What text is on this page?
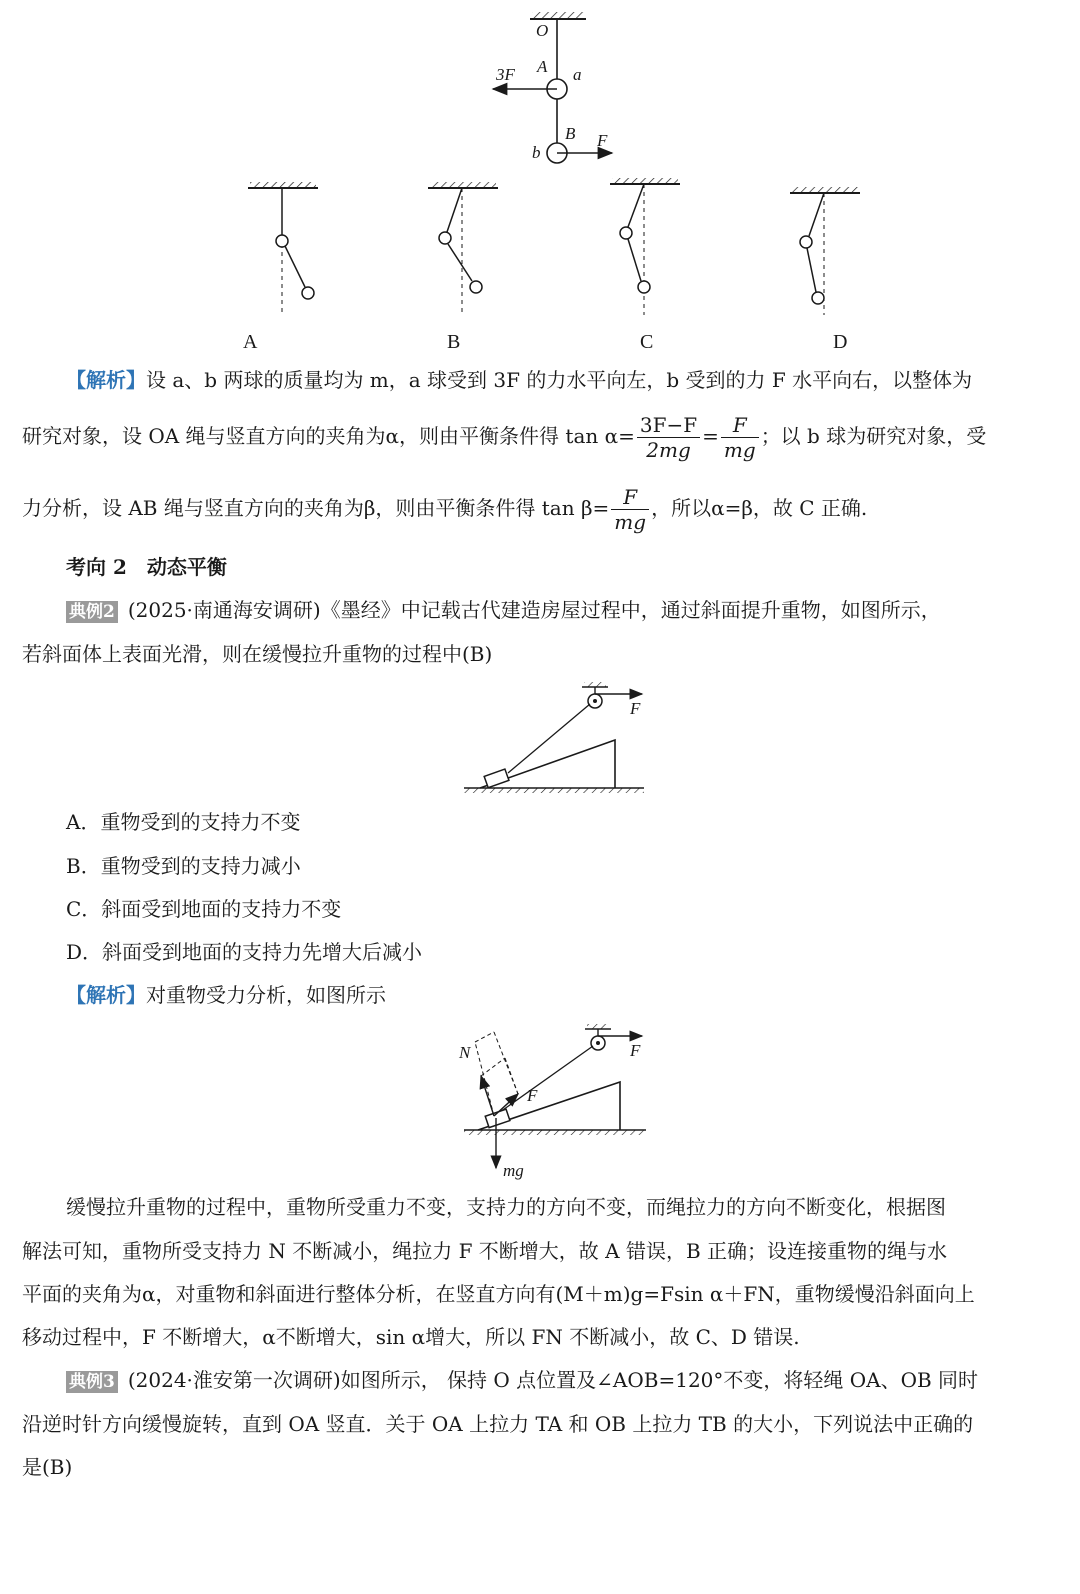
O
A a
B
b
3F
F
A	B	C	D
【解析】设 a、b 两球的质量均为 m，a 球受到 3F 的力水平向左，b 受到的力 F 水平向右，以整体为
研究对象，设 OA 绳与竖直方向的夹角为α，则由平衡条件得 $\tan \alpha= \frac{3F-F}{2mg} = \frac{F}{mg}$ ；以 b 球为研究对象，受
力分析，设 AB 绳与竖直方向的夹角为β，则由平衡条件得 $\tan \beta= \frac{F}{mg}$ ，所以α=β，故 C 正确.
考向 2　动态平衡
典例2 (2025·南通海安调研)《墨经》中记载古代建造房屋过程中，通过斜面提升重物，如图所示，
若斜面体上表面光滑，则在缓慢拉升重物的过程中(B)
F
A．重物受到的支持力不变
B．重物受到的支持力减小
C．斜面受到地面的支持力不变
D．斜面受到地面的支持力先增大后减小
【解析】对重物受力分析，如图所示
F
N
F
mg
缓慢拉升重物的过程中，重物所受重力不变，支持力的方向不变，而绳拉力的方向不断变化，根据图
解法可知，重物所受支持力 N 不断减小，绳拉力 F 不断增大，故 A 错误，B 正确；设连接重物的绳与水
平面的夹角为α，对重物和斜面进行整体分析，在竖直方向有(M＋m)g=Fsin α＋FN，重物缓慢沿斜面向上
移动过程中，F 不断增大，α不断增大，sin α增大，所以 FN 不断减小，故 C、D 错误.
典例3 (2024·淮安第一次调研)如图所示， 保持 O 点位置及∠AOB=120°不变，将轻绳 OA、OB 同时
沿逆时针方向缓慢旋转，直到 OA 竖直．关于 OA 上拉力 TA 和 OB 上拉力 TB 的大小，下列说法中正确的
是(B)
